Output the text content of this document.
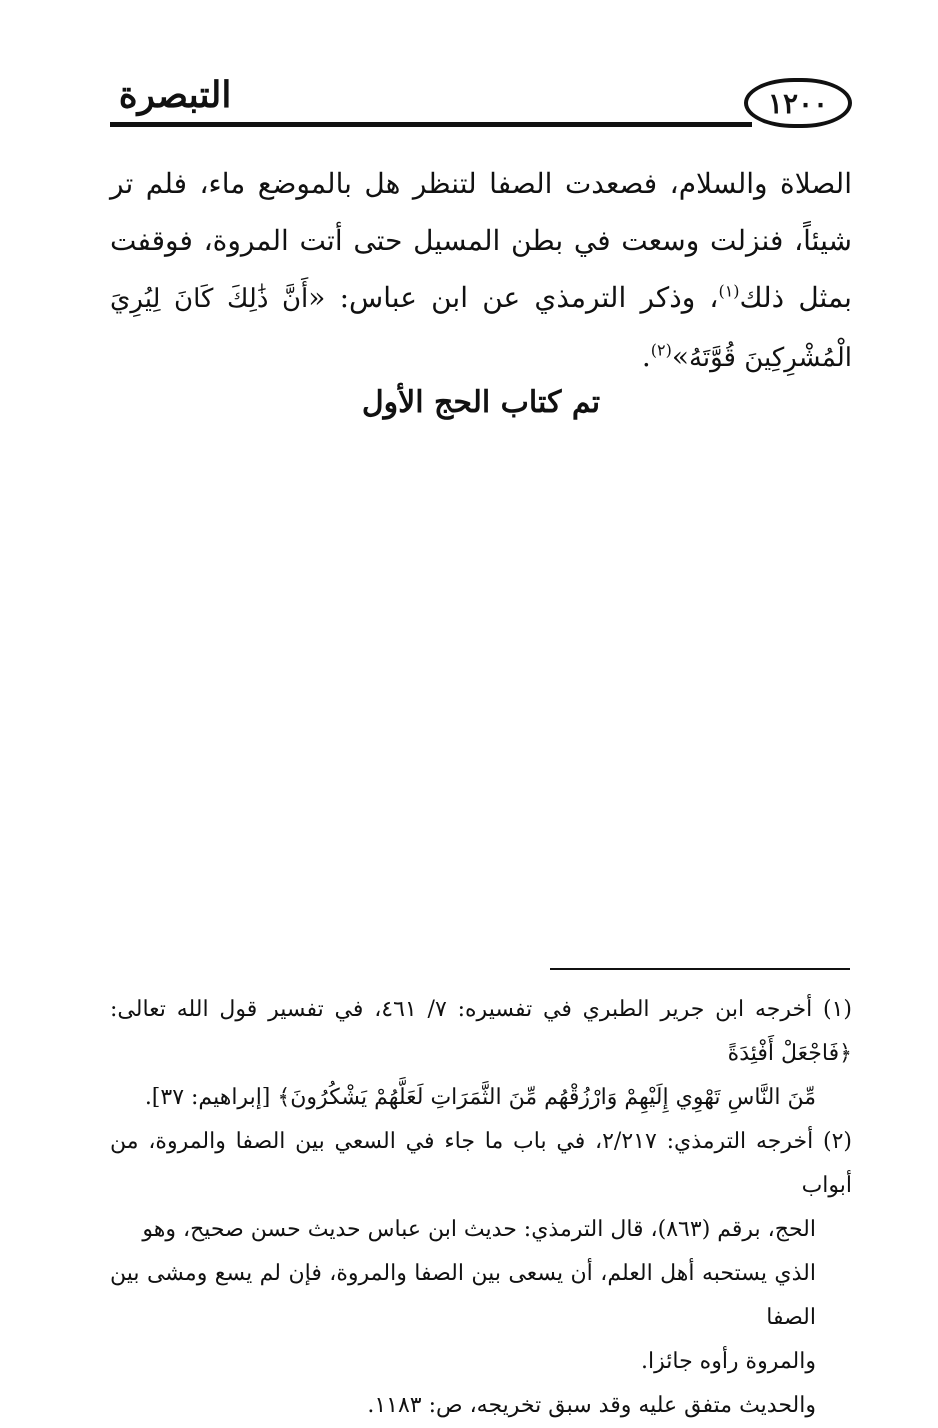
١٢٠٠
التبصرة

الصلاة والسلام، فصعدت الصفا لتنظر هل بالموضع ماء، فلم تر شيئاً، فنزلت وسعت في بطن المسيل حتى أتت المروة، فوقفت بمثل ذلك$^{(١)}$، وذكر الترمذي عن ابن عباس: «أَنَّ ذَٰلِكَ كَانَ لِيُرِيَ الْمُشْرِكِينَ قُوَّتَهُ»$^{(٢)}$.

تم كتاب الحج الأول

(١) أخرجه ابن جرير الطبري في تفسيره: ٧/ ٤٦١، في تفسير قول الله تعالى: ﴿فَاجْعَلْ أَفْئِدَةً

مِّنَ النَّاسِ تَهْوِي إِلَيْهِمْ وَارْزُقْهُم مِّنَ الثَّمَرَاتِ لَعَلَّهُمْ يَشْكُرُونَ﴾ [إبراهيم: ٣٧].

(٢) أخرجه الترمذي: ٢/٢١٧، في باب ما جاء في السعي بين الصفا والمروة، من أبواب

الحج، برقم (٨٦٣)، قال الترمذي: حديث ابن عباس حديث حسن صحيح، وهو

الذي يستحبه أهل العلم، أن يسعى بين الصفا والمروة، فإن لم يسع ومشى بين الصفا

والمروة رأوه جائزا.

والحديث متفق عليه وقد سبق تخريجه، ص: ١١٨٣.
